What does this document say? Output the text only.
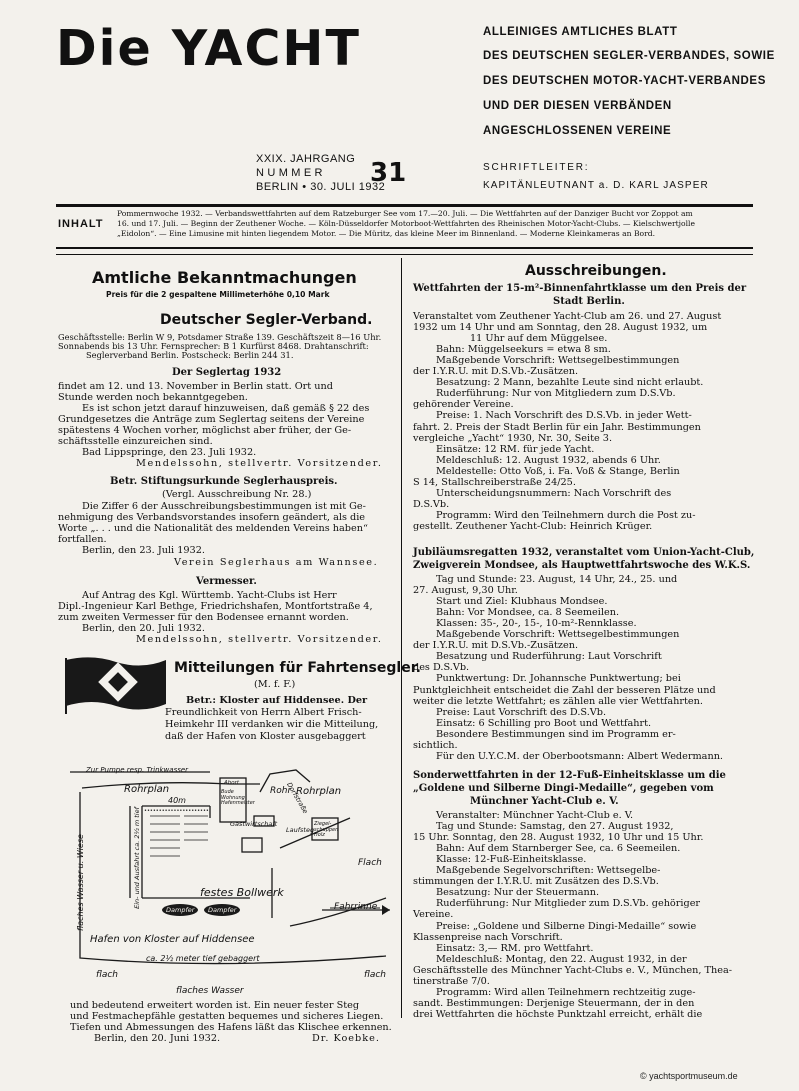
Die YACHT	ALLEINIGES AMTLICHES BLATT
DES DEUTSCHEN SEGLER-VERBANDES, SOWIE
DES DEUTSCHEN MOTOR-YACHT-VERBANDES
UND DER DIESEN VERBÄNDEN
ANGESCHLOSSENEN VEREINE
XXIX. JAHRGANG
NUMMER
BERLIN • 30. JULI 1932
31	SCHRIFTLEITER:
KAPITÄNLEUTNANT a. D. KARL JASPER
INHALT
Pommernwoche 1932. — Verbandswettfahrten auf dem Ratzeburger See vom 17.—20. Juli. — Die Wettfahrten auf der Danziger Bucht vor Zoppot am
16. und 17. Juli. — Beginn der Zeuthener Woche. — Köln-Düsseldorfer Motorboot-Wettfahrten des Rheinischen Motor-Yacht-Clubs. — Kielschwertjolle
„Eidolon“. — Eine Limusine mit hinten liegendem Motor. — Die Müritz, das kleine Meer im Binnenland. — Moderne Kleinkameras an Bord.
Amtliche Bekanntmachungen
Preis für die 2 gespaltene Millimeterhöhe 0,10 Mark
Deutscher Segler-Verband.
Geschäftsstelle: Berlin W 9, Potsdamer Straße 139. Geschäftszeit 8—16 Uhr.
Sonnabends bis 13 Uhr. Fernsprecher: B 1 Kurfürst 8468. Drahtanschrift:
Seglerverband Berlin. Postscheck: Berlin 244 31.
Der Seglertag 1932
findet am 12. und 13. November in Berlin statt. Ort und
Stunde werden noch bekanntgegeben.
Es ist schon jetzt darauf hinzuweisen, daß gemäß § 22 des
Grundgesetzes die Anträge zum Seglertag seitens der Vereine
spätestens 4 Wochen vorher, möglichst aber früher, der Ge-
schäftsstelle einzureichen sind.
Bad Lippspringe, den 23. Juli 1932.
Mendelssohn, stellvertr. Vorsitzender.
Betr. Stiftungsurkunde Seglerhauspreis.
(Vergl. Ausschreibung Nr. 28.)
Die Ziffer 6 der Ausschreibungsbestimmungen ist mit Ge-
nehmigung des Verbandsvorstandes insofern geändert, als die
Worte „. . . und die Nationalität des meldenden Vereins haben“
fortfallen.
Berlin, den 23. Juli 1932.
Verein Seglerhaus am Wannsee.
Vermesser.
Auf Antrag des Kgl. Württemb. Yacht-Clubs ist Herr
Dipl.-Ingenieur Karl Bethge, Friedrichshafen, Montfortstraße 4,
zum zweiten Vermesser für den Bodensee ernannt worden.
Berlin, den 20. Juli 1932.
Mendelssohn, stellvertr. Vorsitzender.
Mitteilungen für Fahrtensegler.
(M. f. F.)
Betr.: Kloster auf Hiddensee. Der
Freundlichkeit von Herrn Albert Frisch-
Heimkehr III verdanken wir die Mitteilung,
daß der Hafen von Kloster ausgebaggert
••••••••••••••••••••••
Zur Pumpe resp. Trinkwasser
Rohrplan	Rohrplan
Rohr
40m
Abort
Bude Wohnung Hafenmeister
Gastwirtschaft
Laufsteg
Ziegel- schuppen Holz
Dorfstraße
festes Bollwerk
Dampfer Dampfer
Flach
Hafen von Kloster auf Hiddensee
ca. 2½ meter tief gebaggert
Fahrrinne
flach	flach
flaches Wasser u. Wiese	Ein- und Ausfahrt ca. 2½ m tief
flaches Wasser
und bedeutend erweitert worden ist. Ein neuer fester Steg
und Festmachepfähle gestatten bequemes und sicheres Liegen.
Tiefen und Abmessungen des Hafens läßt das Klischee erkennen.
Berlin, den 20. Juni 1932.	Dr. Koebke.
Ausschreibungen.
Wettfahrten der 15-m²-Binnenfahrtklasse um den Preis der
Stadt Berlin.
Veranstaltet vom Zeuthener Yacht-Club am 26. und 27. August
1932 um 14 Uhr und am Sonntag, den 28. August 1932, um
11 Uhr auf dem Müggelsee.
Bahn: Müggelseekurs = etwa 8 sm.
Maßgebende Vorschrift: Wettsegelbestimmungen
der I.Y.R.U. mit D.S.Vb.-Zusätzen.
Besatzung: 2 Mann, bezahlte Leute sind nicht erlaubt.
Ruderführung: Nur von Mitgliedern zum D.S.Vb.
gehörender Vereine.
Preise: 1. Nach Vorschrift des D.S.Vb. in jeder Wett-
fahrt. 2. Preis der Stadt Berlin für ein Jahr. Bestimmungen
vergleiche „Yacht“ 1930, Nr. 30, Seite 3.
Einsätze: 12 RM. für jede Yacht.
Meldeschluß: 12. August 1932, abends 6 Uhr.
Meldestelle: Otto Voß, i. Fa. Voß & Stange, Berlin
S 14, Stallschreiberstraße 24/25.
Unterscheidungsnummern: Nach Vorschrift des
D.S.Vb.
Programm: Wird den Teilnehmern durch die Post zu-
gestellt. Zeuthener Yacht-Club: Heinrich Krüger.
Jubiläumsregatten 1932, veranstaltet vom Union-Yacht-Club,
Zweigverein Mondsee, als Hauptwettfahrtswoche des W.K.S.
Tag und Stunde: 23. August, 14 Uhr, 24., 25. und
27. August, 9,30 Uhr.
Start und Ziel: Klubhaus Mondsee.
Bahn: Vor Mondsee, ca. 8 Seemeilen.
Klassen: 35-, 20-, 15-, 10-m²-Rennklasse.
Maßgebende Vorschrift: Wettsegelbestimmungen
der I.Y.R.U. mit D.S.Vb.-Zusätzen.
Besatzung und Ruderführung: Laut Vorschrift
des D.S.Vb.
Punktwertung: Dr. Johannsche Punktwertung; bei
Punktgleichheit entscheidet die Zahl der besseren Plätze und
weiter die letzte Wettfahrt; es zählen alle vier Wettfahrten.
Preise: Laut Vorschrift des D.S.Vb.
Einsatz: 6 Schilling pro Boot und Wettfahrt.
Besondere Bestimmungen sind im Programm er-
sichtlich.
Für den U.Y.C.M. der Oberbootsmann: Albert Wedermann.
Sonderwettfahrten in der 12-Fuß-Einheitsklasse um die
„Goldene und Silberne Dingi-Medaille“, gegeben vom
Münchner Yacht-Club e. V.
Veranstalter: Münchner Yacht-Club e. V.
Tag und Stunde: Samstag, den 27. August 1932,
15 Uhr. Sonntag, den 28. August 1932, 10 Uhr und 15 Uhr.
Bahn: Auf dem Starnberger See, ca. 6 Seemeilen.
Klasse: 12-Fuß-Einheitsklasse.
Maßgebende Segelvorschriften: Wettsegelbe-
stimmungen der I.Y.R.U. mit Zusätzen des D.S.Vb.
Besatzung: Nur der Steuermann.
Ruderführung: Nur Mitglieder zum D.S.Vb. gehöriger
Vereine.
Preise: „Goldene und Silberne Dingi-Medaille“ sowie
Klassenpreise nach Vorschrift.
Einsatz: 3,— RM. pro Wettfahrt.
Meldeschluß: Montag, den 22. August 1932, in der
Geschäftsstelle des Münchner Yacht-Clubs e. V., München, Thea-
tinerstraße 7/0.
Programm: Wird allen Teilnehmern rechtzeitig zuge-
sandt. Bestimmungen: Derjenige Steuermann, der in den
drei Wettfahrten die höchste Punktzahl erreicht, erhält die
© yachtsportmuseum.de
